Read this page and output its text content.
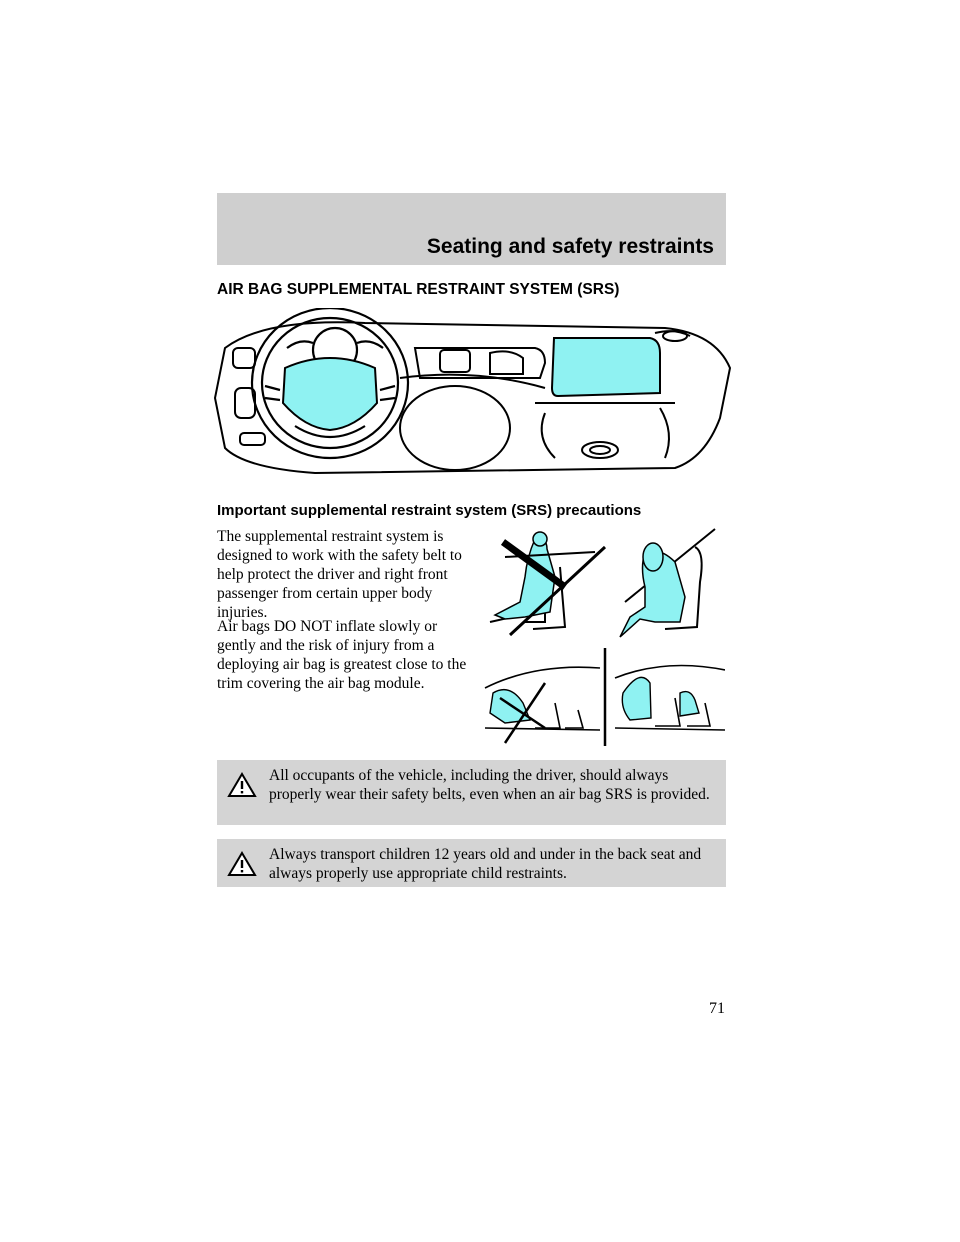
Seating and safety restraints
AIR BAG SUPPLEMENTAL RESTRAINT SYSTEM (SRS)
Important supplemental restraint system (SRS) precautions
The supplemental restraint system is designed to work with the safety belt to help protect the driver and right front passenger from certain upper body injuries.
Air bags DO NOT inflate slowly or gently and the risk of injury from a deploying air bag is greatest close to the trim covering the air bag module.
All occupants of the vehicle, including the driver, should always properly wear their safety belts, even when an air bag SRS is provided.
Always transport children 12 years old and under in the back seat and always properly use appropriate child restraints.
71
